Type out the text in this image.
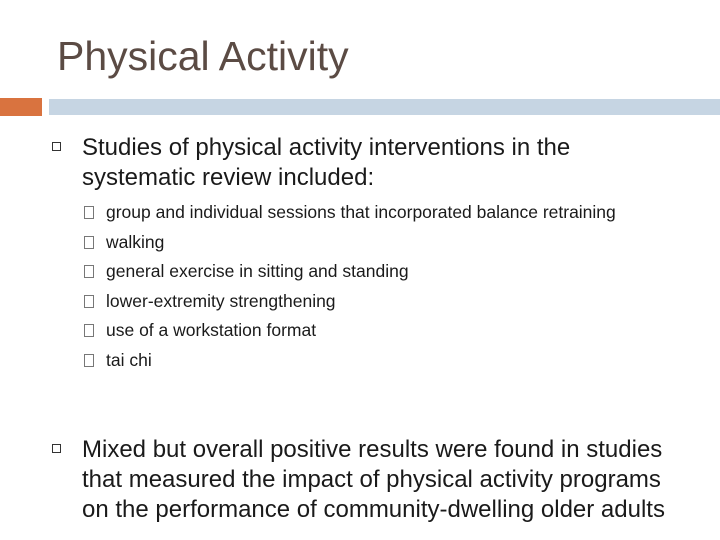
Physical Activity
Studies of physical activity interventions in the systematic review included:
group and individual sessions that incorporated balance retraining
walking
general exercise in sitting and standing
lower-extremity strengthening
use of a workstation format
tai chi
Mixed but overall positive results were found in studies that measured the impact of physical activity programs on the performance of community-dwelling older adults
